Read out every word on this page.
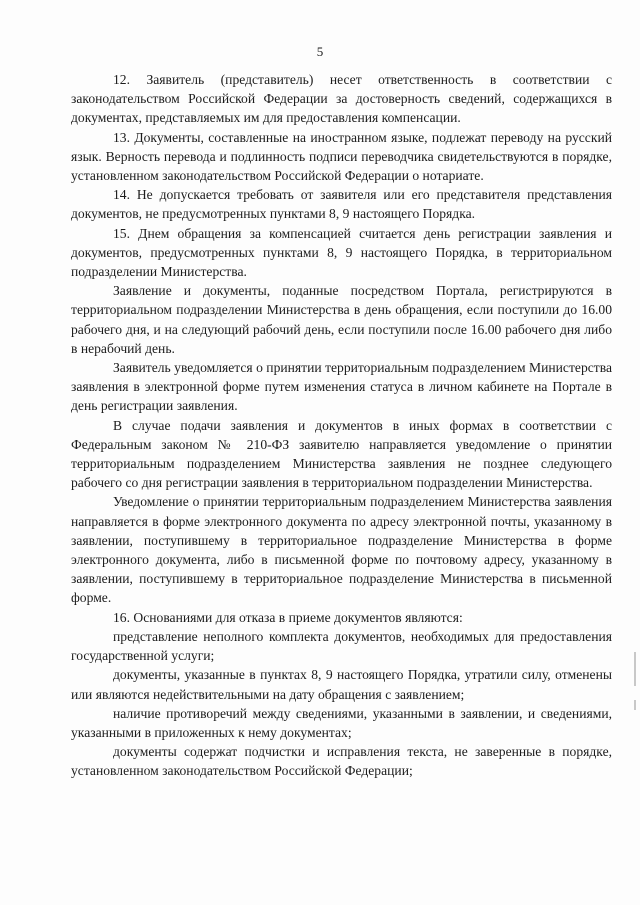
5

12. Заявитель (представитель) несет ответственность в соответствии с законодательством Российской Федерации за достоверность сведений, содержащихся в документах, представляемых им для предоставления компенсации.

13. Документы, составленные на иностранном языке, подлежат переводу на русский язык. Верность перевода и подлинность подписи переводчика свидетельствуются в порядке, установленном законодательством Российской Федерации о нотариате.

14. Не допускается требовать от заявителя или его представителя представления документов, не предусмотренных пунктами 8, 9 настоящего Порядка.

15. Днем обращения за компенсацией считается день регистрации заявления и документов, предусмотренных пунктами 8, 9 настоящего Порядка, в территориальном подразделении Министерства.

Заявление и документы, поданные посредством Портала, регистрируются в территориальном подразделении Министерства в день обращения, если поступили до 16.00 рабочего дня, и на следующий рабочий день, если поступили после 16.00 рабочего дня либо в нерабочий день.

Заявитель уведомляется о принятии территориальным подразделением Министерства заявления в электронной форме путем изменения статуса в личном кабинете на Портале в день регистрации заявления.

В случае подачи заявления и документов в иных формах в соответствии с Федеральным законом № 210-ФЗ заявителю направляется уведомление о принятии территориальным подразделением Министерства заявления не позднее следующего рабочего со дня регистрации заявления в территориальном подразделении Министерства.

Уведомление о принятии территориальным подразделением Министерства заявления направляется в форме электронного документа по адресу электронной почты, указанному в заявлении, поступившему в территориальное подразделение Министерства в форме электронного документа, либо в письменной форме по почтовому адресу, указанному в заявлении, поступившему в территориальное подразделение Министерства в письменной форме.

16. Основаниями для отказа в приеме документов являются:

представление неполного комплекта документов, необходимых для предоставления государственной услуги;

документы, указанные в пунктах 8, 9 настоящего Порядка, утратили силу, отменены или являются недействительными на дату обращения с заявлением;

наличие противоречий между сведениями, указанными в заявлении, и сведениями, указанными в приложенных к нему документах;

документы содержат подчистки и исправления текста, не заверенные в порядке, установленном законодательством Российской Федерации;
